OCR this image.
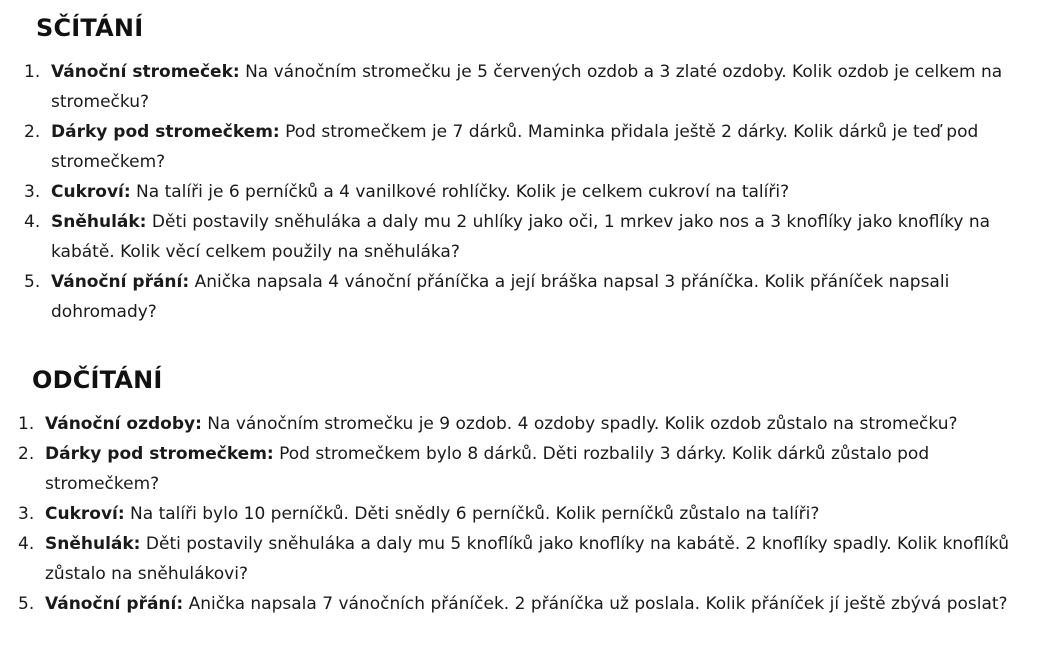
SČÍTÁNÍ
1. Vánoční stromeček: Na vánočním stromečku je 5 červených ozdob a 3 zlaté ozdoby. Kolik ozdob je celkem na stromečku?
2. Dárky pod stromečkem: Pod stromečkem je 7 dárků. Maminka přidala ještě 2 dárky. Kolik dárků je teď pod stromečkem?
3. Cukroví: Na talíři je 6 perníčků a 4 vanilkové rohlíčky. Kolik je celkem cukroví na talíři?
4. Sněhulák: Děti postavily sněhuláka a daly mu 2 uhlíky jako oči, 1 mrkev jako nos a 3 knoflíky jako knoflíky na kabátě. Kolik věcí celkem použily na sněhuláka?
5. Vánoční přání: Anička napsala 4 vánoční přáníčka a její bráška napsal 3 přáníčka. Kolik přáníček napsali dohromady?
ODČÍTÁNÍ
1. Vánoční ozdoby: Na vánočním stromečku je 9 ozdob. 4 ozdoby spadly. Kolik ozdob zůstalo na stromečku?
2. Dárky pod stromečkem: Pod stromečkem bylo 8 dárků. Děti rozbalily 3 dárky. Kolik dárků zůstalo pod stromečkem?
3. Cukroví: Na talíři bylo 10 perníčků. Děti snědly 6 perníčků. Kolik perníčků zůstalo na talíři?
4. Sněhulák: Děti postavily sněhuláka a daly mu 5 knoflíků jako knoflíky na kabátě. 2 knoflíky spadly. Kolik knoflíků zůstalo na sněhulákovi?
5. Vánoční přání: Anička napsala 7 vánočních přáníček. 2 přáníčka už poslala. Kolik přáníček jí ještě zbývá poslat?
